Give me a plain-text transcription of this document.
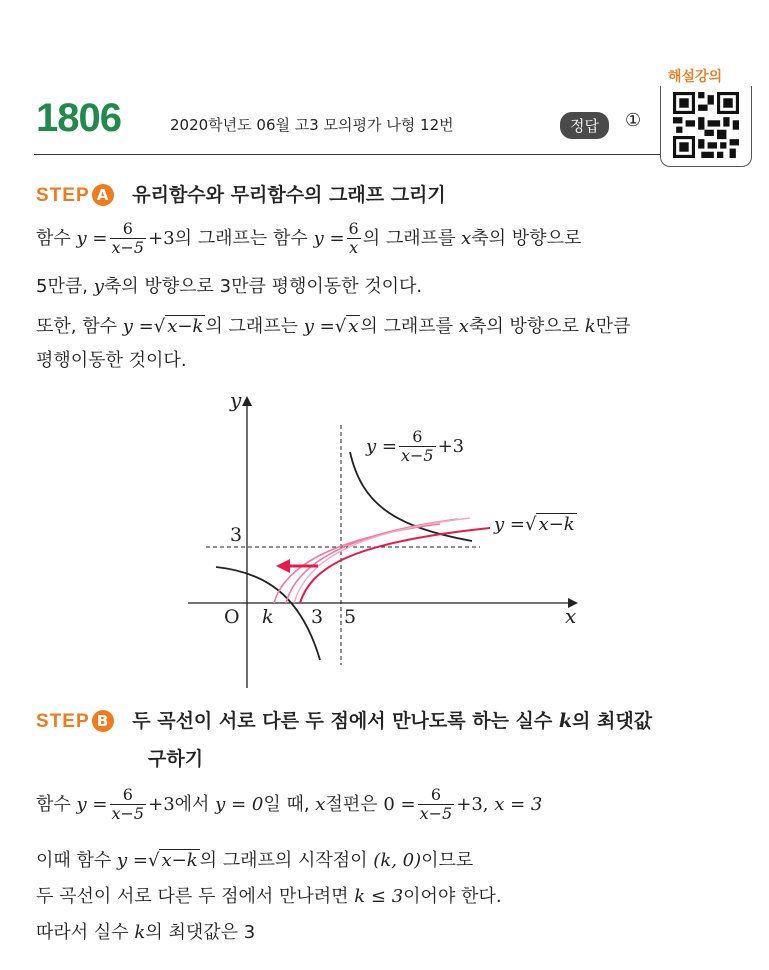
1806	2020학년도 06월 고3 모의평가 나형 12번	정답	①
해설강의
STEP A 유리함수와 무리함수의 그래프 그리기
함수 $y = \frac{6}{x-5} +3$의 그래프는 함수 $y = \frac{6}{x}$ 의 그래프를 x축의 방향으로
5만큼, y축의 방향으로 3만큼 평행이동한 것이다.
또한, 함수 y =√ x−k 의 그래프는 y =√ x 의 그래프를 x축의 방향으로 k만큼
평행이동한 것이다.
y
x
O k 3 5
3
$y = \frac{6}{x-5} +3$
y =√ x−k
STEP B 두 곡선이 서로 다른 두 점에서 만나도록 하는 실수 k의 최댓값
구하기
함수 $y = \frac{6}{x-5} +3$에서 y = 0일 때, x절편은 $0 = \frac{6}{x-5} +3$, x = 3
이때 함수 y =√ x−k 의 그래프의 시작점이 (k, 0)이므로
두 곡선이 서로 다른 두 점에서 만나려면 k ≤ 3이어야 한다.
따라서 실수 k의 최댓값은 3
